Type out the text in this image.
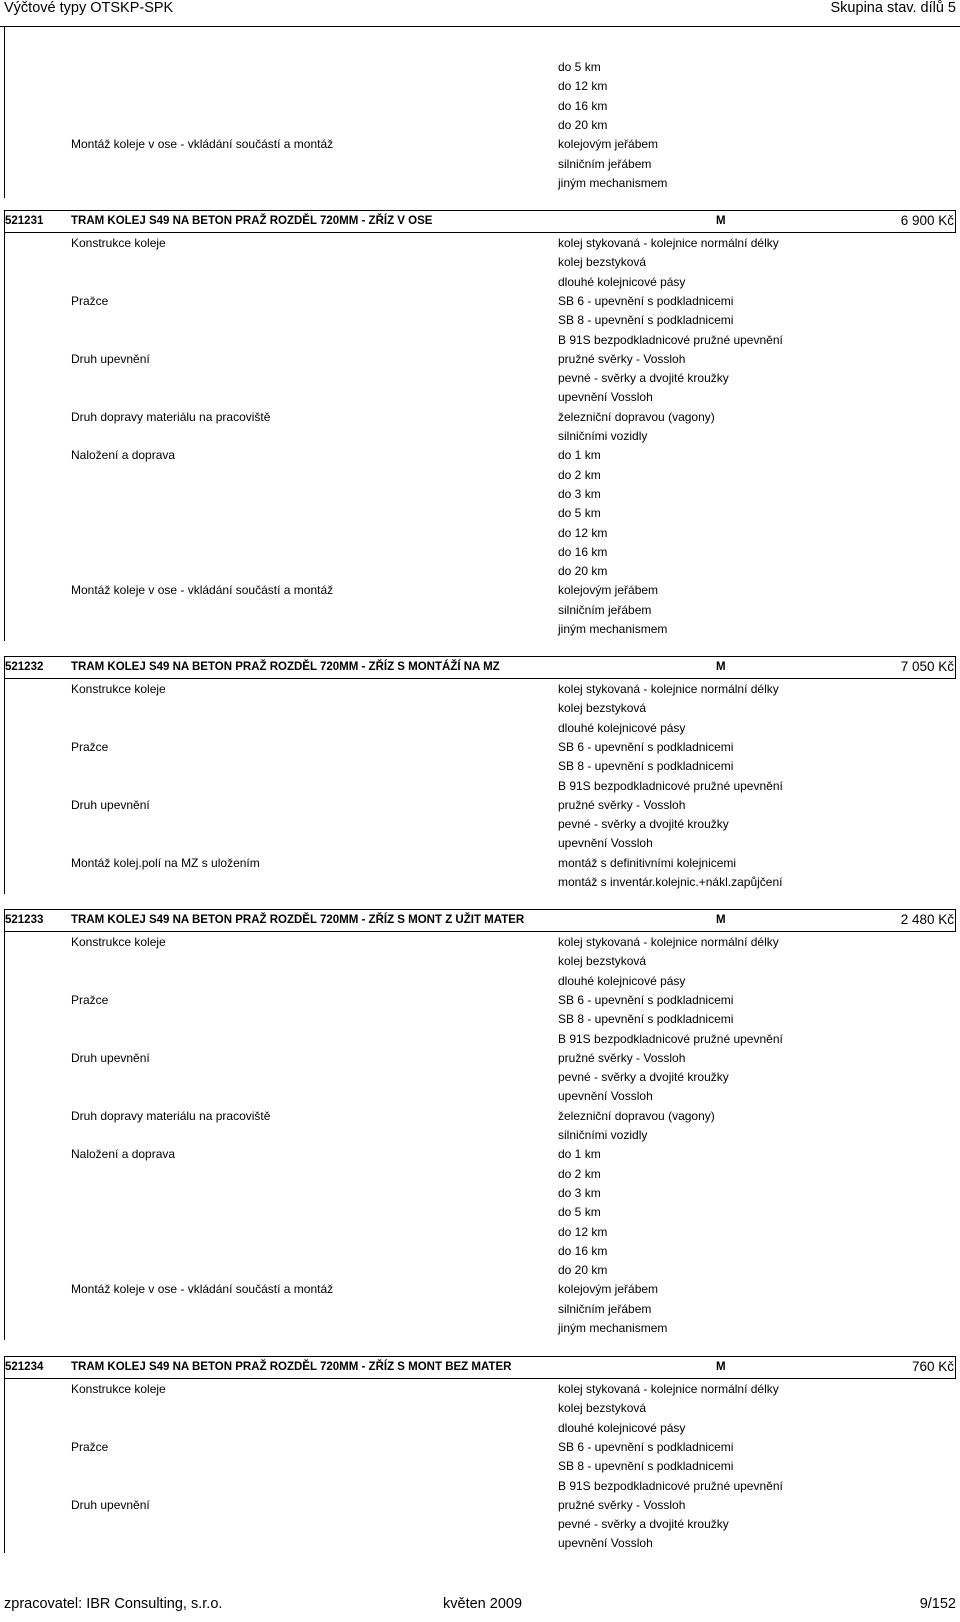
Výčtové typy OTSKP-SPK	Skupina stav. dílů 5
do 5 km
do 12 km
do 16 km
do 20 km
Montáž koleje v ose - vkládání součástí a montáž	kolejovým jeřábem
silničním jeřábem
jiným mechanismem
521231 TRAM KOLEJ S49 NA BETON PRAŽ ROZDĚL 720MM - ZŘÍZ V OSE	M	6 900 Kč
Konstrukce koleje	kolej stykovaná - kolejnice normální délky
kolej bezstyková
dlouhé kolejnicové pásy
Pražce	SB 6 - upevnění s podkladnicemi
SB 8 - upevnění s podkladnicemi
B 91S bezpodkladnicové pružné upevnění
Druh upevnění	pružné svěrky - Vossloh
pevné - svěrky a dvojité kroužky
upevnění Vossloh
Druh dopravy materiálu na pracoviště	železniční dopravou (vagony)
silničními vozidly
Naložení a doprava	do 1 km
do 2 km
do 3 km
do 5 km
do 12 km
do 16 km
do 20 km
Montáž koleje v ose - vkládání součástí a montáž	kolejovým jeřábem
silničním jeřábem
jiným mechanismem
521232 TRAM KOLEJ S49 NA BETON PRAŽ ROZDĚL 720MM - ZŘÍZ S MONTÁŽÍ NA MZ	M	7 050 Kč
Konstrukce koleje	kolej stykovaná - kolejnice normální délky
kolej bezstyková
dlouhé kolejnicové pásy
Pražce	SB 6 - upevnění s podkladnicemi
SB 8 - upevnění s podkladnicemi
B 91S bezpodkladnicové pružné upevnění
Druh upevnění	pružné svěrky - Vossloh
pevné - svěrky a dvojité kroužky
upevnění Vossloh
Montáž kolej.polí na MZ s uložením	montáž s definitivními kolejnicemi
montáž s inventár.kolejnic.+nákl.zapůjčení
521233 TRAM KOLEJ S49 NA BETON PRAŽ ROZDĚL 720MM - ZŘÍZ S MONT Z UŽIT MATER	M	2 480 Kč
Konstrukce koleje	kolej stykovaná - kolejnice normální délky
kolej bezstyková
dlouhé kolejnicové pásy
Pražce	SB 6 - upevnění s podkladnicemi
SB 8 - upevnění s podkladnicemi
B 91S bezpodkladnicové pružné upevnění
Druh upevnění	pružné svěrky - Vossloh
pevné - svěrky a dvojité kroužky
upevnění Vossloh
Druh dopravy materiálu na pracoviště	železniční dopravou (vagony)
silničními vozidly
Naložení a doprava	do 1 km
do 2 km
do 3 km
do 5 km
do 12 km
do 16 km
do 20 km
Montáž koleje v ose - vkládání součástí a montáž	kolejovým jeřábem
silničním jeřábem
jiným mechanismem
521234 TRAM KOLEJ S49 NA BETON PRAŽ ROZDĚL 720MM - ZŘÍZ S MONT BEZ MATER	M	760 Kč
Konstrukce koleje	kolej stykovaná - kolejnice normální délky
kolej bezstyková
dlouhé kolejnicové pásy
Pražce	SB 6 - upevnění s podkladnicemi
SB 8 - upevnění s podkladnicemi
B 91S bezpodkladnicové pružné upevnění
Druh upevnění	pružné svěrky - Vossloh
pevné - svěrky a dvojité kroužky
upevnění Vossloh
zpracovatel: IBR Consulting, s.r.o.	květen 2009	9/152
